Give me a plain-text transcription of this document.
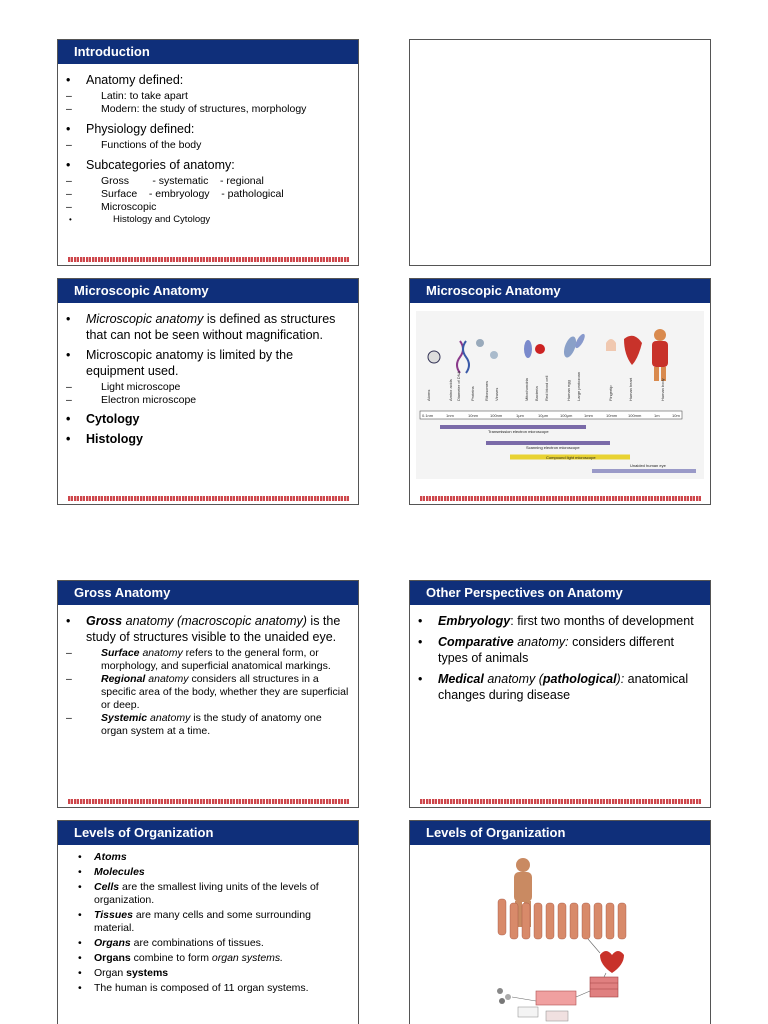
Introduction
• Anatomy defined:
– Latin: to take apart
– Modern: the study of structures, morphology
• Physiology defined:
– Functions of the body
• Subcategories of anatomy:
– Gross        - systematic    - regional
– Surface    - embryology    - pathological
– Microscopic
• Histology and Cytology
Microscopic Anatomy
• Microscopic anatomy is defined as structures that can not be seen without magnification.
• Microscopic anatomy is limited by the equipment used.
– Light microscope
– Electron microscope
• Cytology
• Histology
Microscopic Anatomy
Atoms	Amino acids Diameter of DNA Proteins Ribosomes Viruses	Mitochondria Bacteria Red blood cell	Human egg Large protozoan	Fingertip	Human heart	Human body
0.1nm	1nm	10nm	100nm	1μm	10μm	100μm	1mm	10mm	100mm	1m	10m
Transmission electron microscope
Scanning electron microscope
Compound light microscope
Unaided human eye
Gross Anatomy
• Gross anatomy (macroscopic anatomy) is the study of structures visible to the unaided eye.
– Surface anatomy refers to the general form, or morphology, and superficial anatomical markings.
– Regional anatomy considers all structures in a specific area of the body, whether they are superficial or deep.
– Systemic anatomy is the study of anatomy one organ system at a time.
Other Perspectives on Anatomy
• Embryology: first two months of development
• Comparative anatomy: considers different types of animals
• Medical anatomy (pathological): anatomical changes during disease
Levels of Organization
• Atoms
• Molecules
• Cells are the smallest living units of the levels of organization.
• Tissues are many cells and some surrounding material.
• Organs are combinations of tissues.
• Organs combine to form organ systems.
• Organ systems
• The human is composed of 11 organ systems.
Levels of Organization
